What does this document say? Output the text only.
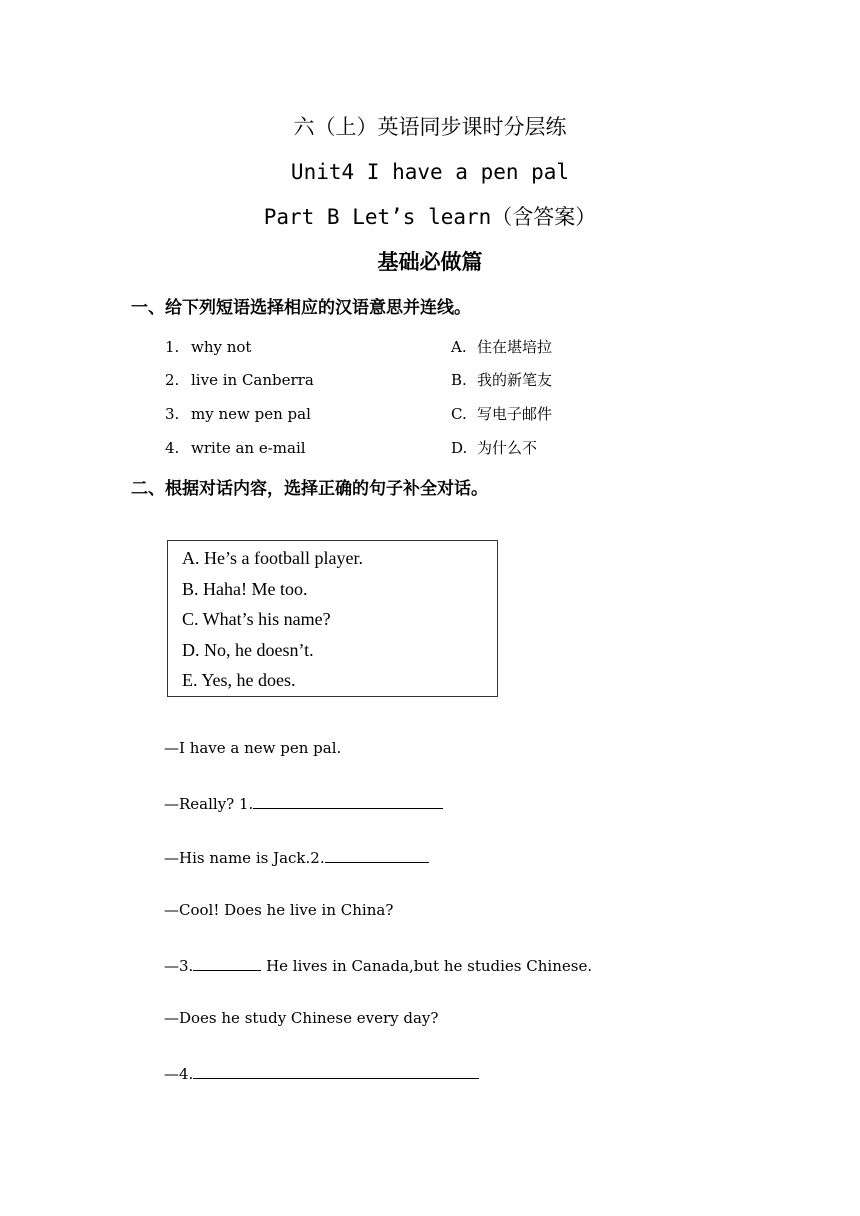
六（上）英语同步课时分层练
Unit4 I have a pen pal
Part B Let’s learn（含答案）
基础必做篇
一、给下列短语选择相应的汉语意思并连线。
1. why not
2. live in Canberra
3. my new pen pal
4. write an e-mail
A. 住在堪培拉
B. 我的新笔友
C. 写电子邮件
D. 为什么不
二、根据对话内容，选择正确的句子补全对话。
A. He’s a football player.
B. Haha! Me too.
C. What’s his name?
D. No, he doesn’t.
E. Yes, he does.
—I have a new pen pal.
—Really? 1.
—His name is Jack.2.
—Cool! Does he live in China?
—3.	He lives in Canada,but he studies Chinese.
—Does he study Chinese every day?
—4.
